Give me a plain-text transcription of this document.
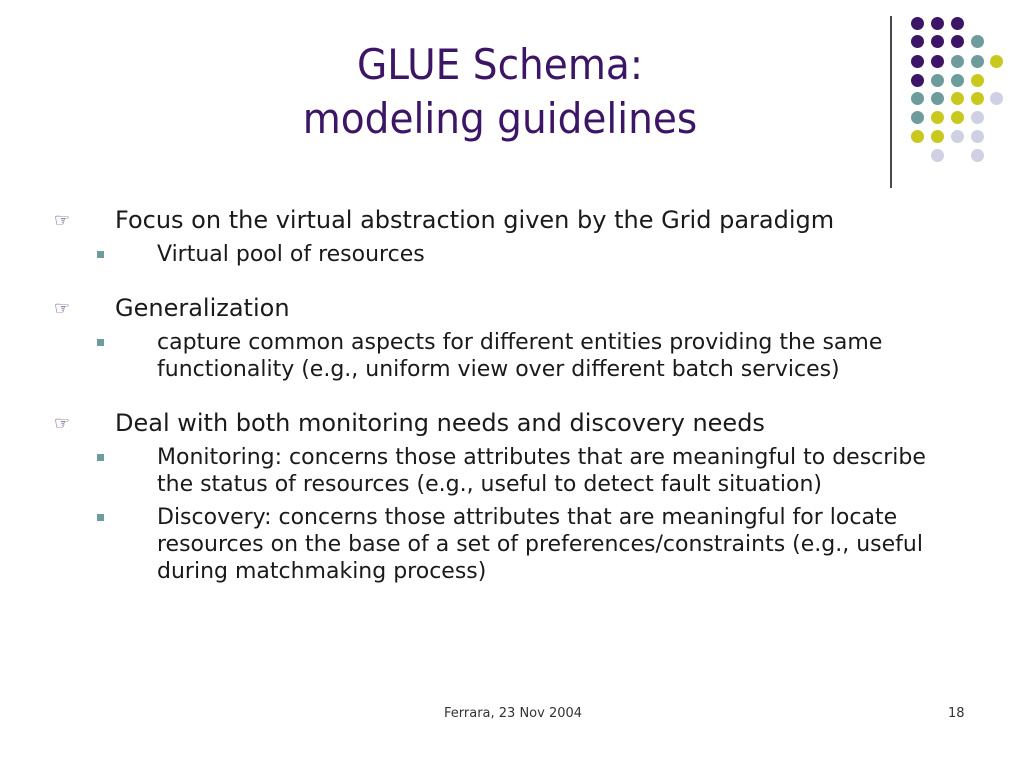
GLUE Schema:
modeling guidelines
☞ Focus on the virtual abstraction given by the Grid paradigm
Virtual pool of resources
☞ Generalization
capture common aspects for different entities providing the same functionality (e.g., uniform view over different batch services)
☞ Deal with both monitoring needs and discovery needs
Monitoring: concerns those attributes that are meaningful to describe the status of resources (e.g., useful to detect fault situation)
Discovery: concerns those attributes that are meaningful for locate resources on the base of a set of preferences/constraints (e.g., useful during matchmaking process)
Ferrara, 23 Nov 2004	18
